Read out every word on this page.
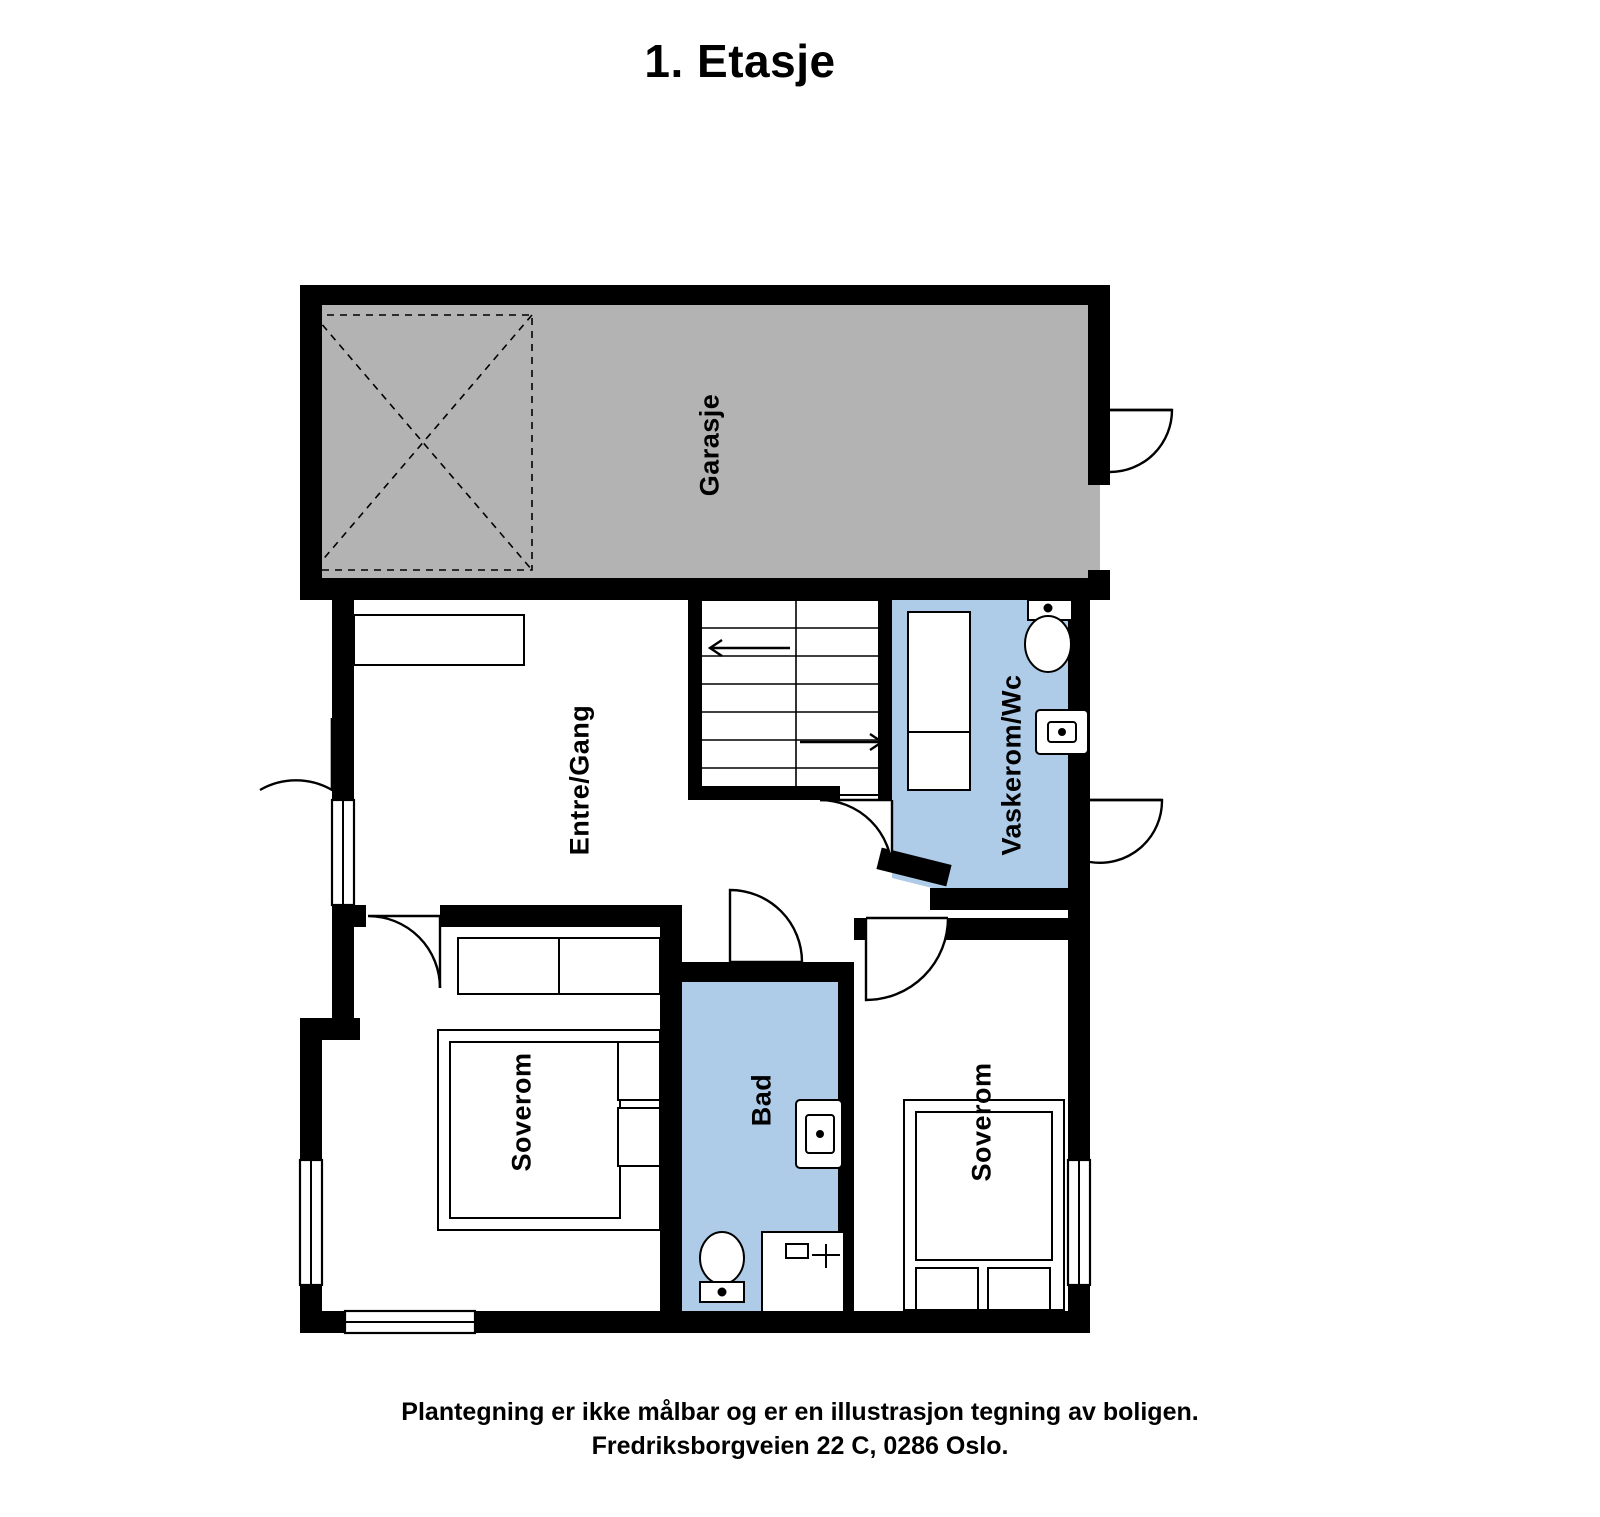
1. Etasje
Garasje
Entre/Gang	Vaskerom/Wc
Bad
Soverom	Soverom
Plantegning er ikke målbar og er en illustrasjon tegning av boligen.
Fredriksborgveien 22 C, 0286 Oslo.
